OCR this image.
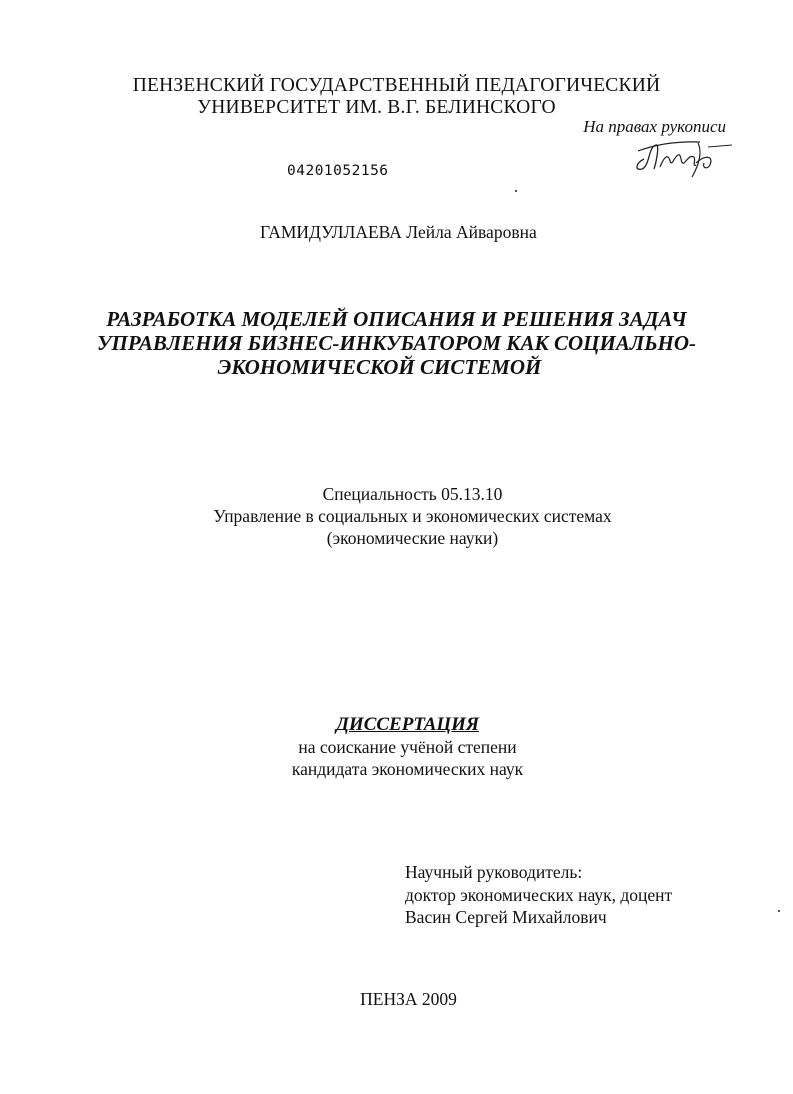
ПЕНЗЕНСКИЙ ГОСУДАРСТВЕННЫЙ ПЕДАГОГИЧЕСКИЙ
УНИВЕРСИТЕТ ИМ. В.Г. БЕЛИНСКОГО
На правах рукописи
04201052156
ГАМИДУЛЛАЕВА Лейла Айваровна
РАЗРАБОТКА МОДЕЛЕЙ ОПИСАНИЯ И РЕШЕНИЯ ЗАДАЧ
УПРАВЛЕНИЯ БИЗНЕС-ИНКУБАТОРОМ КАК СОЦИАЛЬНО-
ЭКОНОМИЧЕСКОЙ СИСТЕМОЙ
Специальность 05.13.10
Управление в социальных и экономических системах
(экономические науки)
ДИССЕРТАЦИЯ
на соискание учёной степени
кандидата экономических наук
Научный руководитель:
доктор экономических наук, доцент
Васин Сергей Михайлович
ПЕНЗА 2009
